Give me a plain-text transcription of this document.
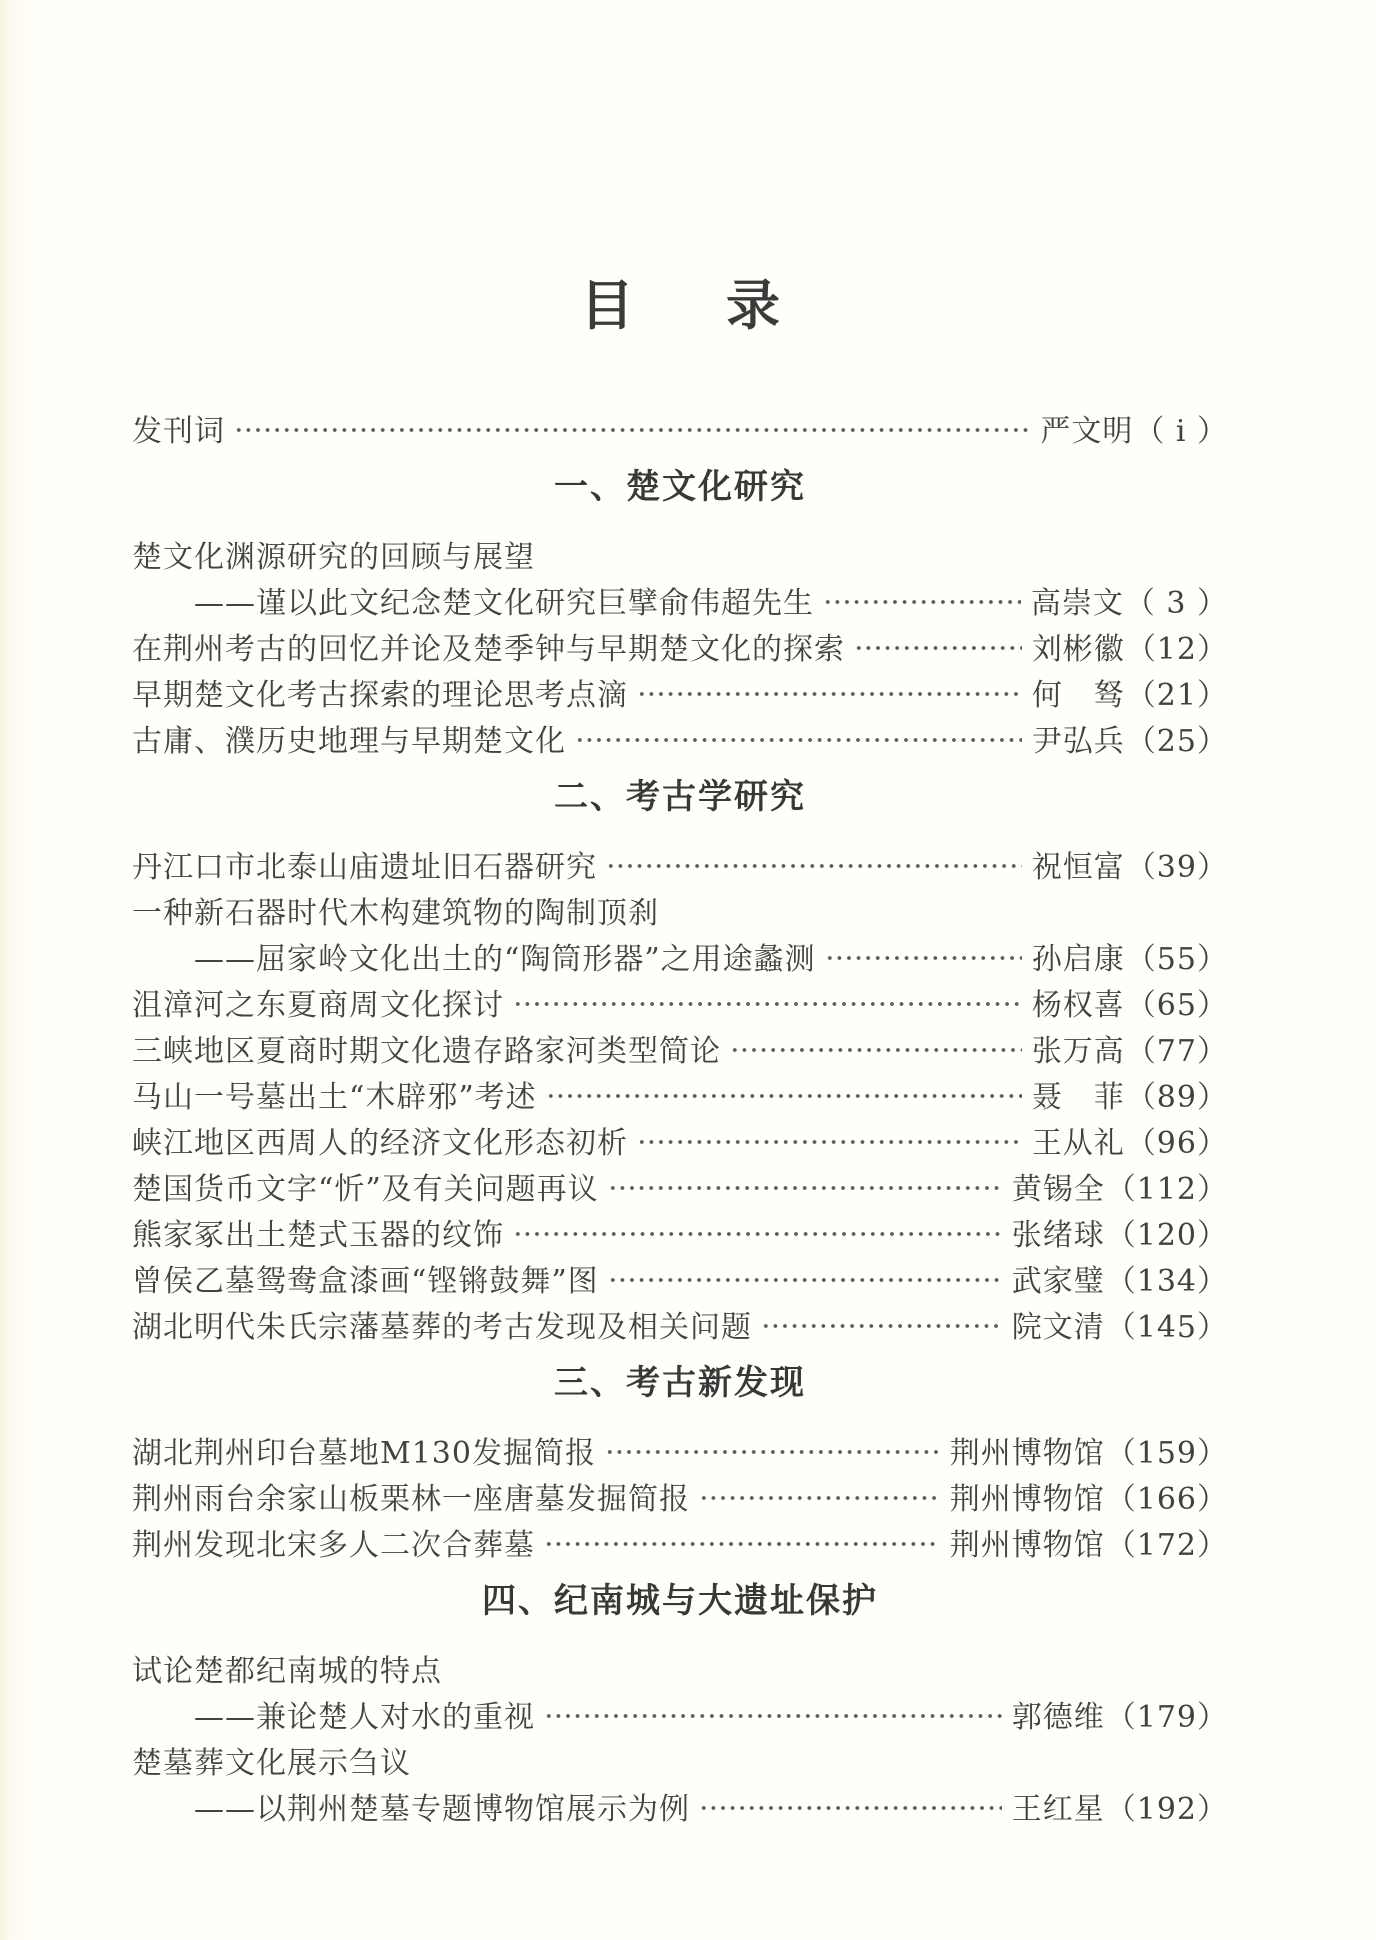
目录
发刊词	严文明 （ i ）
一、楚文化研究
楚文化渊源研究的回顾与展望
——谨以此文纪念楚文化研究巨擘俞伟超先生	高崇文 （ 3 ）
在荆州考古的回忆并论及楚季钟与早期楚文化的探索	刘彬徽 （12）
早期楚文化考古探索的理论思考点滴	何　驽 （21）
古庸、濮历史地理与早期楚文化	尹弘兵 （25）
二、考古学研究
丹江口市北泰山庙遗址旧石器研究	祝恒富 （39）
一种新石器时代木构建筑物的陶制顶刹
——屈家岭文化出土的“陶筒形器”之用途蠡测	孙启康 （55）
沮漳河之东夏商周文化探讨	杨权喜 （65）
三峡地区夏商时期文化遗存路家河类型简论	张万高 （77）
马山一号墓出土“木辟邪”考述	聂　菲 （89）
峡江地区西周人的经济文化形态初析	王从礼 （96）
楚国货币文字“忻”及有关问题再议	黄锡全 （112）
熊家冢出土楚式玉器的纹饰	张绪球 （120）
曾侯乙墓鸳鸯盒漆画“铿锵鼓舞”图	武家璧 （134）
湖北明代朱氏宗藩墓葬的考古发现及相关问题	院文清 （145）
三、考古新发现
湖北荆州印台墓地M130发掘简报	荆州博物馆 （159）
荆州雨台余家山板栗林一座唐墓发掘简报	荆州博物馆 （166）
荆州发现北宋多人二次合葬墓	荆州博物馆 （172）
四、纪南城与大遗址保护
试论楚都纪南城的特点
——兼论楚人对水的重视	郭德维 （179）
楚墓葬文化展示刍议
——以荆州楚墓专题博物馆展示为例	王红星 （192）
